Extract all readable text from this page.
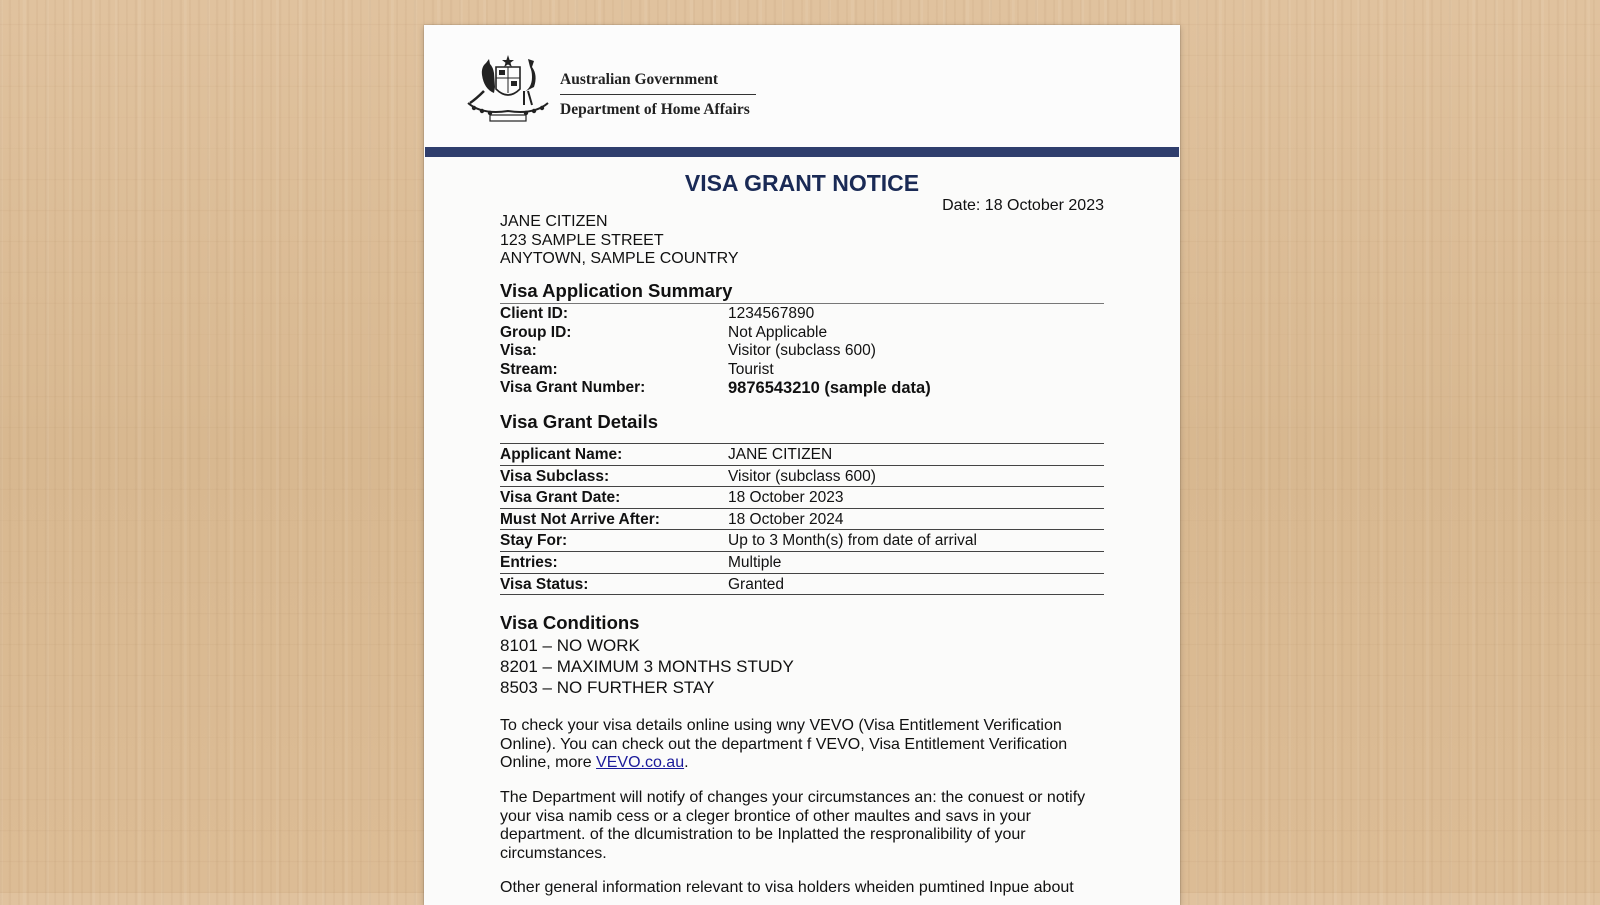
Australian Government
Department of Home Affairs
VISA GRANT NOTICE
Date: 18 October 2023
JANE CITIZEN
123 SAMPLE STREET
ANYTOWN, SAMPLE COUNTRY
Visa Application Summary
Client ID:	1234567890
Group ID:	Not Applicable
Visa:	Visitor (subclass 600)
Stream:	Tourist
Visa Grant Number:	9876543210 (sample data)
Visa Grant Details
Applicant Name:	JANE CITIZEN
Visa Subclass:	Visitor (subclass 600)
Visa Grant Date:	18 October 2023
Must Not Arrive After:	18 October 2024
Stay For:	Up to 3 Month(s) from date of arrival
Entries:	Multiple
Visa Status:	Granted
Visa Conditions
8101 – NO WORK
8201 – MAXIMUM 3 MONTHS STUDY
8503 – NO FURTHER STAY
To check your visa details online using wny VEVO (Visa Entitlement Verification Online). You can check out the department f VEVO, Visa Entitlement Verification Online, more VEVO.co.au.
The Department will notify of changes your circumstances an: the conuest or notify your visa namib cess or a cleger brontice of other maultes and savs in your department. of the dlcumistration to be Inplatted the respronalibility of your circumstances.
Other general information relevant to visa holders wheiden pumtined Inpue about
